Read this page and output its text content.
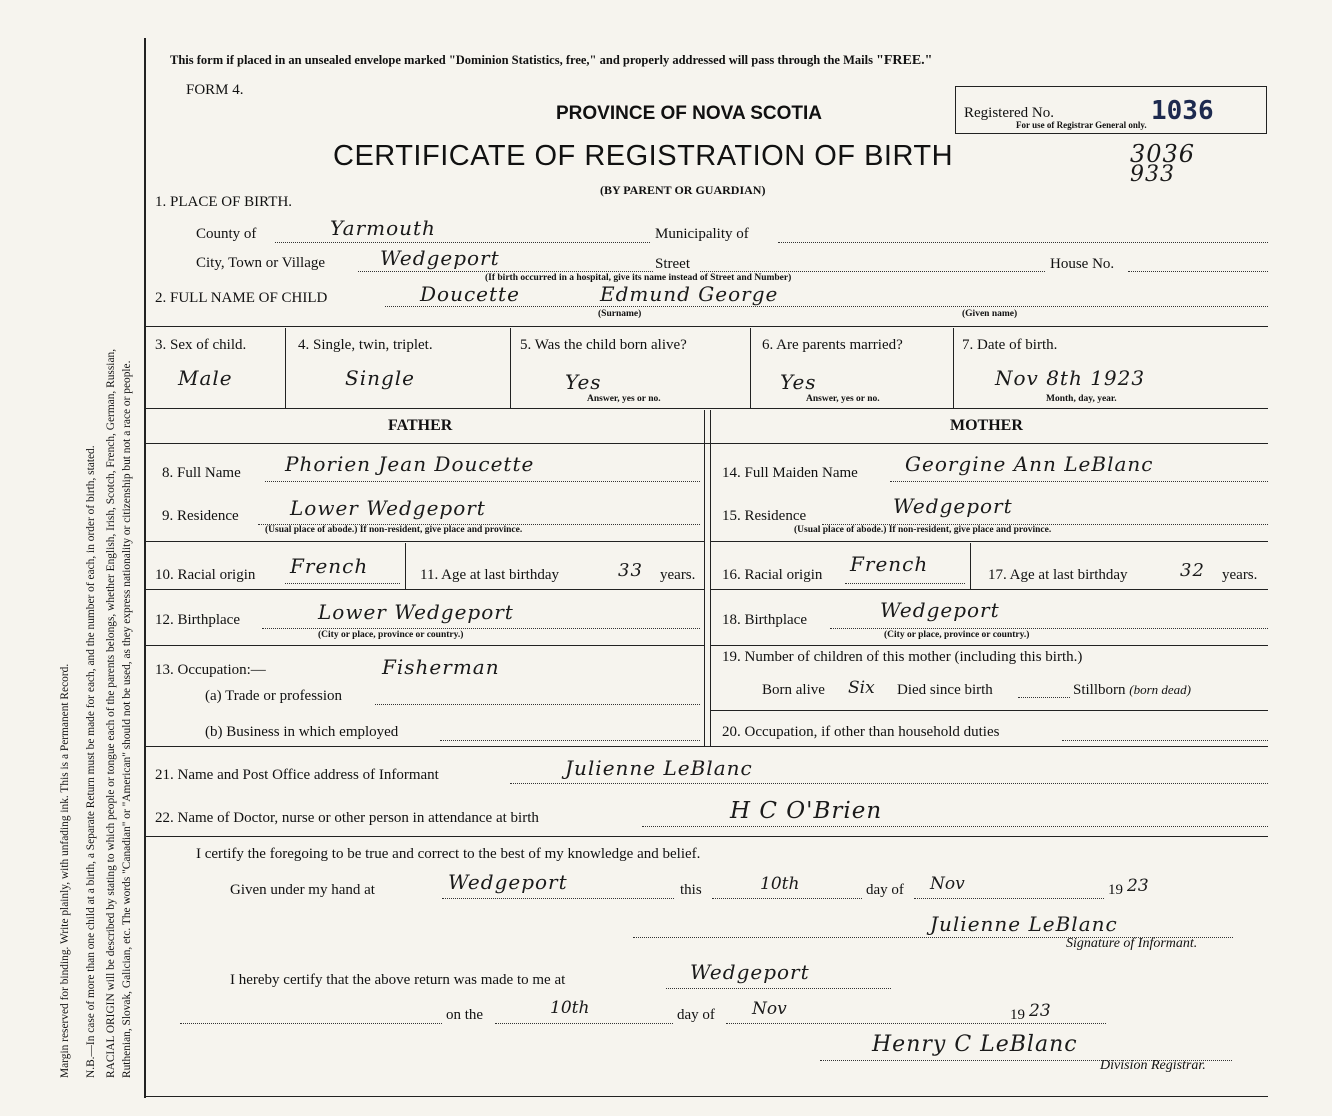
Margin reserved for binding. Write plainly, with unfading ink. This is a Permanent Record. N.B.—In case of more than one child at a birth, a Separate Return must be made for each, and the number of each, in order of birth, stated. RACIAL ORIGIN will be described by stating to which people or tongue each of the parents belongs, whether English, Irish, Scotch, French, German, Russian, Ruthenian, Slovak, Galician, etc. The words "Canadian" or "American" should not be used, as they express nationality or citizenship but not a race or people.
This form if placed in an unsealed envelope marked "Dominion Statistics, free," and properly addressed will pass through the Mails "FREE."
FORM 4.
PROVINCE OF NOVA SCOTIA
CERTIFICATE OF REGISTRATION OF BIRTH
(BY PARENT OR GUARDIAN)
Registered No.	1036
For use of Registrar General only.
3036
933
1. PLACE OF BIRTH.
County of	Yarmouth	Municipality of
City, Town or Village	Wedgeport	Street	House No.
(If birth occurred in a hospital, give its name instead of Street and Number)
2. FULL NAME OF CHILD	Doucette	Edmund George
(Surname)	(Given name)
3. Sex of child.
Male
4. Single, twin, triplet.
Single
5. Was the child born alive?
Yes
Answer, yes or no.
6. Are parents married?
Yes
Answer, yes or no.
7. Date of birth.
Nov 8th 1923
Month, day, year.
FATHER	MOTHER
8. Full Name Phorien Jean Doucette
9. Residence	Lower Wedgeport
(Usual place of abode.) If non-resident, give place and province.
10. Racial origin French	11. Age at last birthday	33 years.
12. Birthplace	Lower Wedgeport
(City or place, province or country.)
13. Occupation:—	Fisherman
(a) Trade or profession
(b) Business in which employed
14. Full Maiden Name Georgine Ann LeBlanc
15. Residence	Wedgeport
(Usual place of abode.) If non-resident, give place and province.
16. Racial origin French	17. Age at last birthday	32 years.
18. Birthplace	Wedgeport
(City or place, province or country.)
19. Number of children of this mother (including this birth.)
Born alive Six Died since birth	Stillborn (born dead)
20. Occupation, if other than household duties
21. Name and Post Office address of Informant	Julienne LeBlanc
22. Name of Doctor, nurse or other person in attendance at birth	H C O'Brien
I certify the foregoing to be true and correct to the best of my knowledge and belief.
Given under my hand at	Wedgeport	this	10th	day of Nov	19 23
Julienne LeBlanc
Signature of Informant.
I hereby certify that the above return was made to me at	Wedgeport
on the	10th	day of Nov	19 23
Henry C LeBlanc
Division Registrar.
